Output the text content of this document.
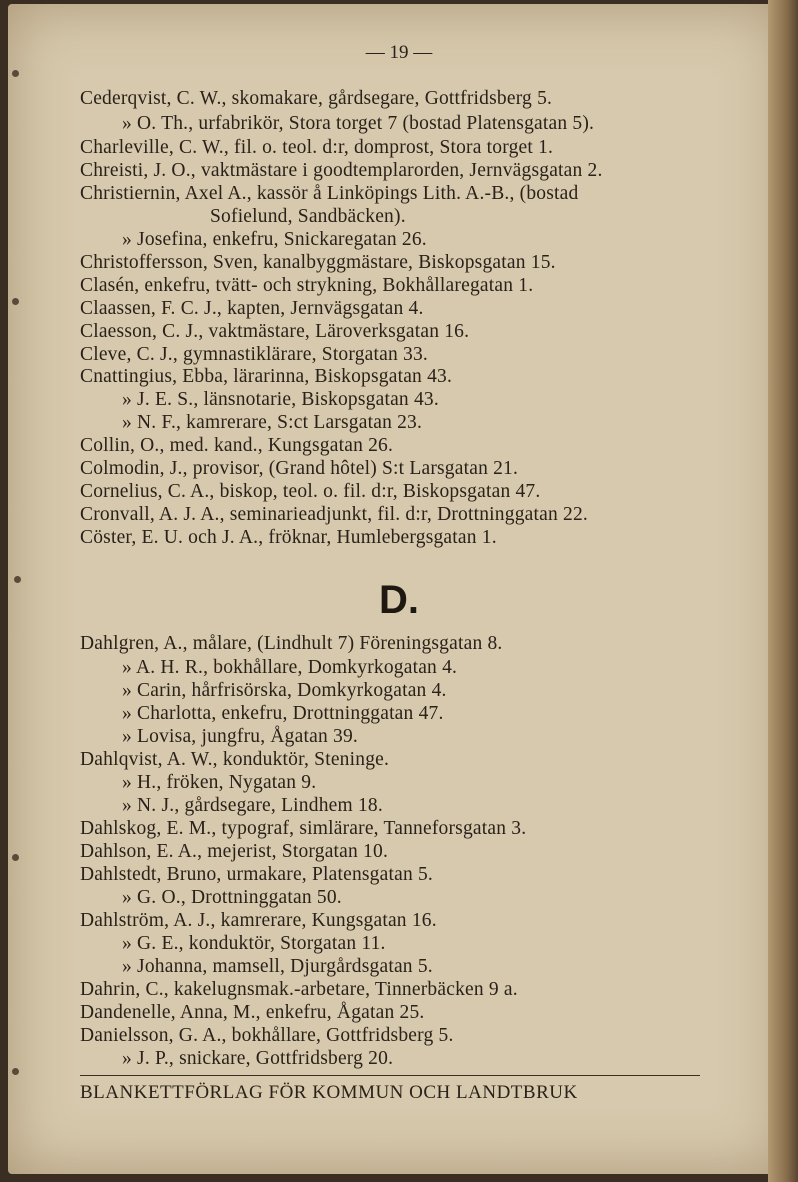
— 19 —
Cederqvist, C. W., skomakare, gårdsegare, Gottfridsberg 5.
» O. Th., urfabrikör, Stora torget 7 (bostad Platensgatan 5).
Charleville, C. W., fil. o. teol. d:r, domprost, Stora torget 1.
Chreisti, J. O., vaktmästare i goodtemplarorden, Jernvägsgatan 2.
Christiernin, Axel A., kassör å Linköpings Lith. A.-B., (bostad
Sofielund, Sandbäcken).
» Josefina, enkefru, Snickaregatan 26.
Christoffersson, Sven, kanalbyggmästare, Biskopsgatan 15.
Clasén, enkefru, tvätt- och strykning, Bokhållaregatan 1.
Claassen, F. C. J., kapten, Jernvägsgatan 4.
Claesson, C. J., vaktmästare, Läroverksgatan 16.
Cleve, C. J., gymnastiklärare, Storgatan 33.
Cnattingius, Ebba, lärarinna, Biskopsgatan 43.
» J. E. S., länsnotarie, Biskopsgatan 43.
» N. F., kamrerare, S:ct Larsgatan 23.
Collin, O., med. kand., Kungsgatan 26.
Colmodin, J., provisor, (Grand hôtel) S:t Larsgatan 21.
Cornelius, C. A., biskop, teol. o. fil. d:r, Biskopsgatan 47.
Cronvall, A. J. A., seminarieadjunkt, fil. d:r, Drottninggatan 22.
Cöster, E. U. och J. A., fröknar, Humlebergsgatan 1.
D.
Dahlgren, A., målare, (Lindhult 7) Föreningsgatan 8.
» A. H. R., bokhållare, Domkyrkogatan 4.
» Carin, hårfrisörska, Domkyrkogatan 4.
» Charlotta, enkefru, Drottninggatan 47.
» Lovisa, jungfru, Ågatan 39.
Dahlqvist, A. W., konduktör, Steninge.
» H., fröken, Nygatan 9.
» N. J., gårdsegare, Lindhem 18.
Dahlskog, E. M., typograf, simlärare, Tanneforsgatan 3.
Dahlson, E. A., mejerist, Storgatan 10.
Dahlstedt, Bruno, urmakare, Platensgatan 5.
» G. O., Drottninggatan 50.
Dahlström, A. J., kamrerare, Kungsgatan 16.
» G. E., konduktör, Storgatan 11.
» Johanna, mamsell, Djurgårdsgatan 5.
Dahrin, C., kakelugnsmak.-arbetare, Tinnerbäcken 9 a.
Dandenelle, Anna, M., enkefru, Ågatan 25.
Danielsson, G. A., bokhållare, Gottfridsberg 5.
» J. P., snickare, Gottfridsberg 20.
BLANKETTFÖRLAG FÖR KOMMUN OCH LANDTBRUK
